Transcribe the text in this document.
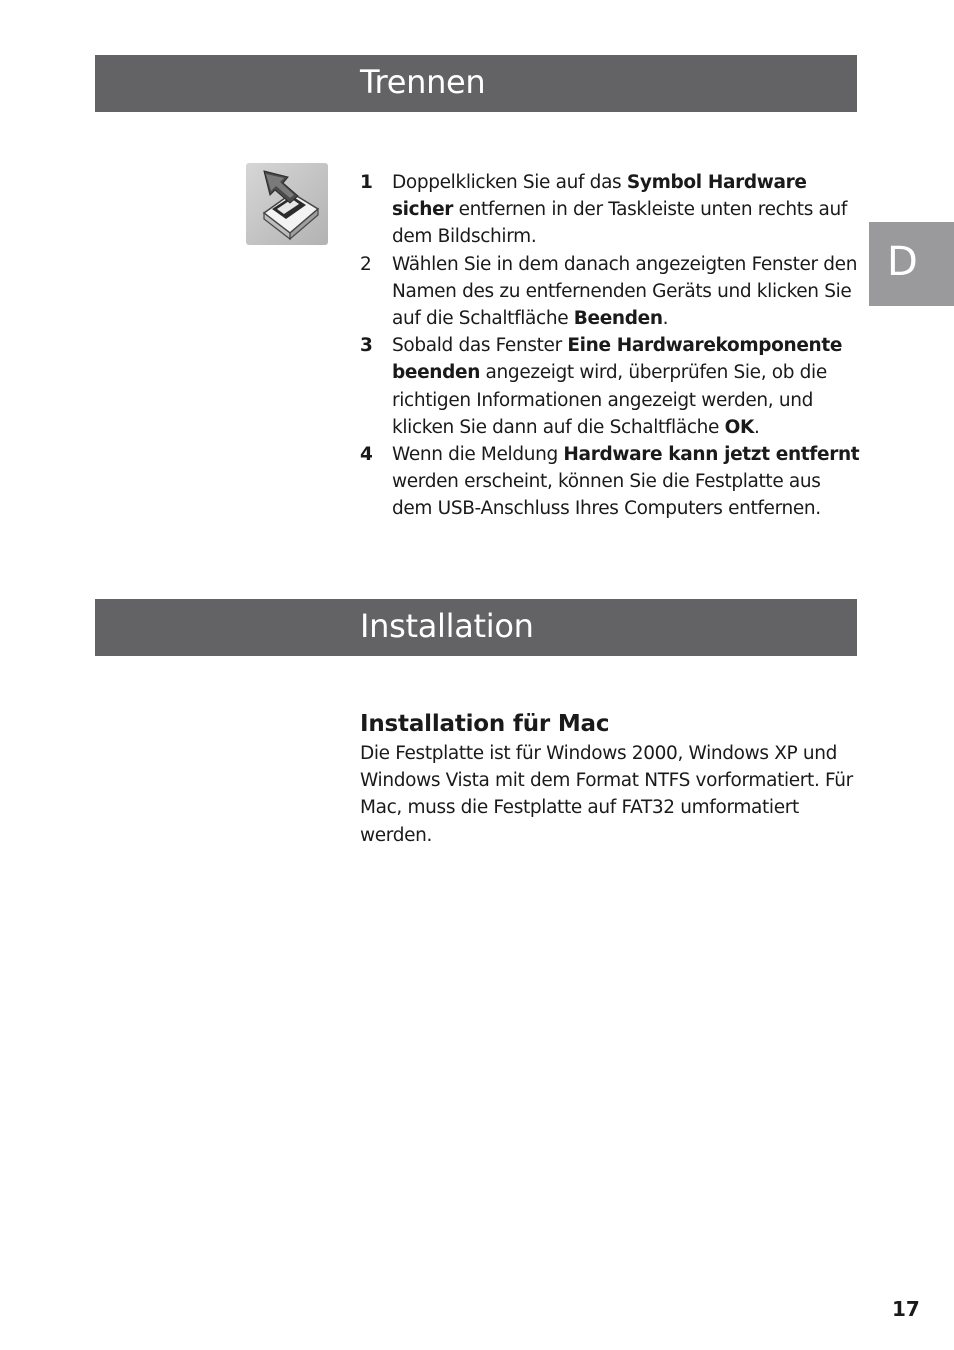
Trennen
D
1	Doppelklicken Sie auf das Symbol Hardware sicher entfernen in der Taskleiste unten rechts auf dem Bildschirm.
2	Wählen Sie in dem danach angezeigten Fenster den Namen des zu entfernenden Geräts und klicken Sie auf die Schaltfläche Beenden.
3	Sobald das Fenster Eine Hardwarekomponente beenden angezeigt wird, überprüfen Sie, ob die richtigen Informationen angezeigt werden, und klicken Sie dann auf die Schaltfläche OK.
4	Wenn die Meldung Hardware kann jetzt entfernt werden erscheint, können Sie die Festplatte aus dem USB-Anschluss Ihres Computers entfernen.
Installation
Installation für Mac

Die Festplatte ist für Windows 2000, Windows XP und Windows Vista mit dem Format NTFS vorformatiert. Für Mac, muss die Festplatte auf FAT32 umformatiert werden.

17
